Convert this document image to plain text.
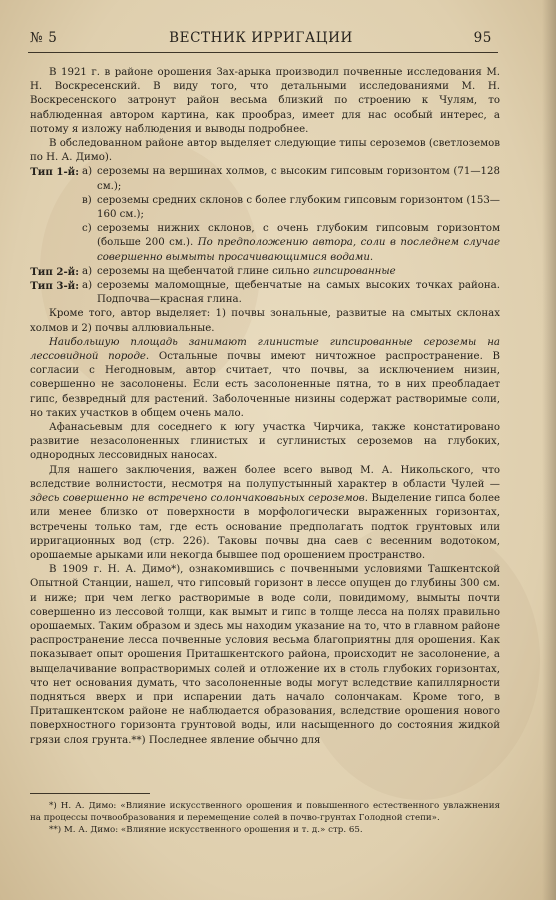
№ 5	ВЕСТНИК ИРРИГАЦИИ	95

В 1921 г. в районе орошения Зах-арыка производил почвенные исследования М. Н. Воскресенский. В виду того, что детальными исследованиями М. Н. Воскресенского затронут район весьма близкий по строению к Чулям, то наблюденная автором картина, как прообраз, имеет для нас особый интерес, а потому я изложу наблюдения и выводы подробнее.

В обследованном районе автор выделяет следующие типы сероземов (светлоземов по Н. А. Димо).

Тип 1-й: а) сероземы на вершинах холмов, с высоким гипсовым горизонтом (71—128 см.);
в) сероземы средних склонов с более глубоким гипсовым горизонтом (153—160 см.);
с) сероземы нижних склонов, с очень глубоким гипсовым горизонтом (больше 200 см.). По предположению автора, соли в последнем случае совершенно вымыты просачивающимися водами.
Тип 2-й: а) сероземы на щебенчатой глине сильно гипсированные
Тип 3-й: а) сероземы маломощные, щебенчатые на самых высоких точках района. Подпочва—красная глина.

Кроме того, автор выделяет: 1) почвы зональные, развитые на смытых склонах холмов и 2) почвы аллювиальные.

Наибольшую площадь занимают глинистые гипсированные сероземы на лессовидной породе. Остальные почвы имеют ничтожное распространение. В согласии с Негодновым, автор считает, что почвы, за исключением низин, совершенно не засолонены. Если есть засолоненные пятна, то в них преобладает гипс, безвредный для растений. Заболоченные низины содержат растворимые соли, но таких участков в общем очень мало.

Афанасьевым для соседнего к югу участка Чирчика, также констатировано развитие незасолоненных глинистых и суглинистых сероземов на глубоких, однородных лессовидных наносах.

Для нашего заключения, важен более всего вывод М. А. Никольского, что вследствие волнистости, несмотря на полупустынный характер в области Чулей — здесь совершенно не встречено солончаковаьных сероземов. Выделение гипса более или менее близко от поверхности в морфологически выраженных горизонтах, встречены только там, где есть основание предполагать подток грунтовых или ирригационных вод (стр. 226). Таковы почвы дна саев с весенним водотоком, орошаемые арыками или некогда бывшее под орошением пространство.

В 1909 г. Н. А. Димо*), ознакомившись с почвенными условиями Ташкентской Опытной Станции, нашел, что гипсовый горизонт в лессе опущен до глубины 300 см. и ниже; при чем легко растворимые в воде соли, повидимому, вымыты почти совершенно из лессовой толщи, как вымыт и гипс в толще лесса на полях правильно орошаемых. Таким образом и здесь мы находим указание на то, что в главном районе распространение лесса почвенные условия весьма благоприятны для орошения. Как показывает опыт орошения Приташкентского района, происходит не засолонение, а выщелачивание вопрастворимых солей и отложение их в столь глубоких горизонтах, что нет основания думать, что засолоненные воды могут вследствие капиллярности подняться вверх и при испарении дать начало солончакам. Кроме того, в Приташкентском районе не наблюдается образования, вследствие орошения нового поверхностного горизонта грунтовой воды, или насыщенного до состояния жидкой грязи слоя грунта.**) Последнее явление обычно для

*) Н. А. Димо: «Влияние искусственного орошения и повышенного естественного увлажнения на процессы почвообразования и перемещение солей в почво-грунтах Голодной степи».

**) М. А. Димо: «Влияние искусственного орошения и т. д.» стр. 65.
